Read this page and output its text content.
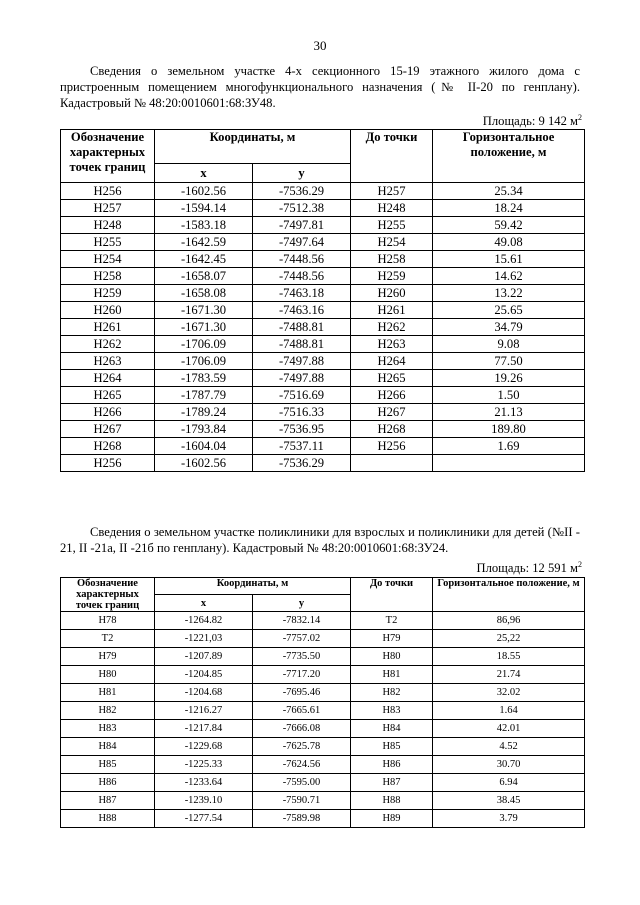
30
Сведения о земельном участке 4-х секционного 15-19 этажного жилого дома с пристроенным помещением многофункционального назначения (№ II-20 по генплану). Кадастровый № 48:20:0010601:68:ЗУ48.
Площадь: 9 142 $м^2$
Обозначение характерных точек границ	Координаты, м		До точки	Горизонтальное положение, м
	x	y		
Н256	-1602.56	-7536.29	Н257	25.34
Н257	-1594.14	-7512.38	Н248	18.24
Н248	-1583.18	-7497.81	Н255	59.42
Н255	-1642.59	-7497.64	Н254	49.08
Н254	-1642.45	-7448.56	Н258	15.61
Н258	-1658.07	-7448.56	Н259	14.62
Н259	-1658.08	-7463.18	Н260	13.22
Н260	-1671.30	-7463.16	Н261	25.65
Н261	-1671.30	-7488.81	Н262	34.79
Н262	-1706.09	-7488.81	Н263	9.08
Н263	-1706.09	-7497.88	Н264	77.50
Н264	-1783.59	-7497.88	Н265	19.26
Н265	-1787.79	-7516.69	Н266	1.50
Н266	-1789.24	-7516.33	Н267	21.13
Н267	-1793.84	-7536.95	Н268	189.80
Н268	-1604.04	-7537.11	Н256	1.69
Н256	-1602.56	-7536.29		
Сведения о земельном участке поликлиники для взрослых и поликлиники для детей (№II - 21, II -21а, II -21б по генплану). Кадастровый № 48:20:0010601:68:ЗУ24.
Площадь: 12 591 $м^2$
Обозначение характерных точек границ	Координаты, м		До точки	Горизонтальное положение, м
	x	y		
Н78	-1264.82	-7832.14	Т2	86,96
Т2	-1221,03	-7757.02	Н79	25,22
Н79	-1207.89	-7735.50	Н80	18.55
Н80	-1204.85	-7717.20	Н81	21.74
Н81	-1204.68	-7695.46	Н82	32.02
Н82	-1216.27	-7665.61	Н83	1.64
Н83	-1217.84	-7666.08	Н84	42.01
Н84	-1229.68	-7625.78	Н85	4.52
Н85	-1225.33	-7624.56	Н86	30.70
Н86	-1233.64	-7595.00	Н87	6.94
Н87	-1239.10	-7590.71	Н88	38.45
Н88	-1277.54	-7589.98	Н89	3.79
